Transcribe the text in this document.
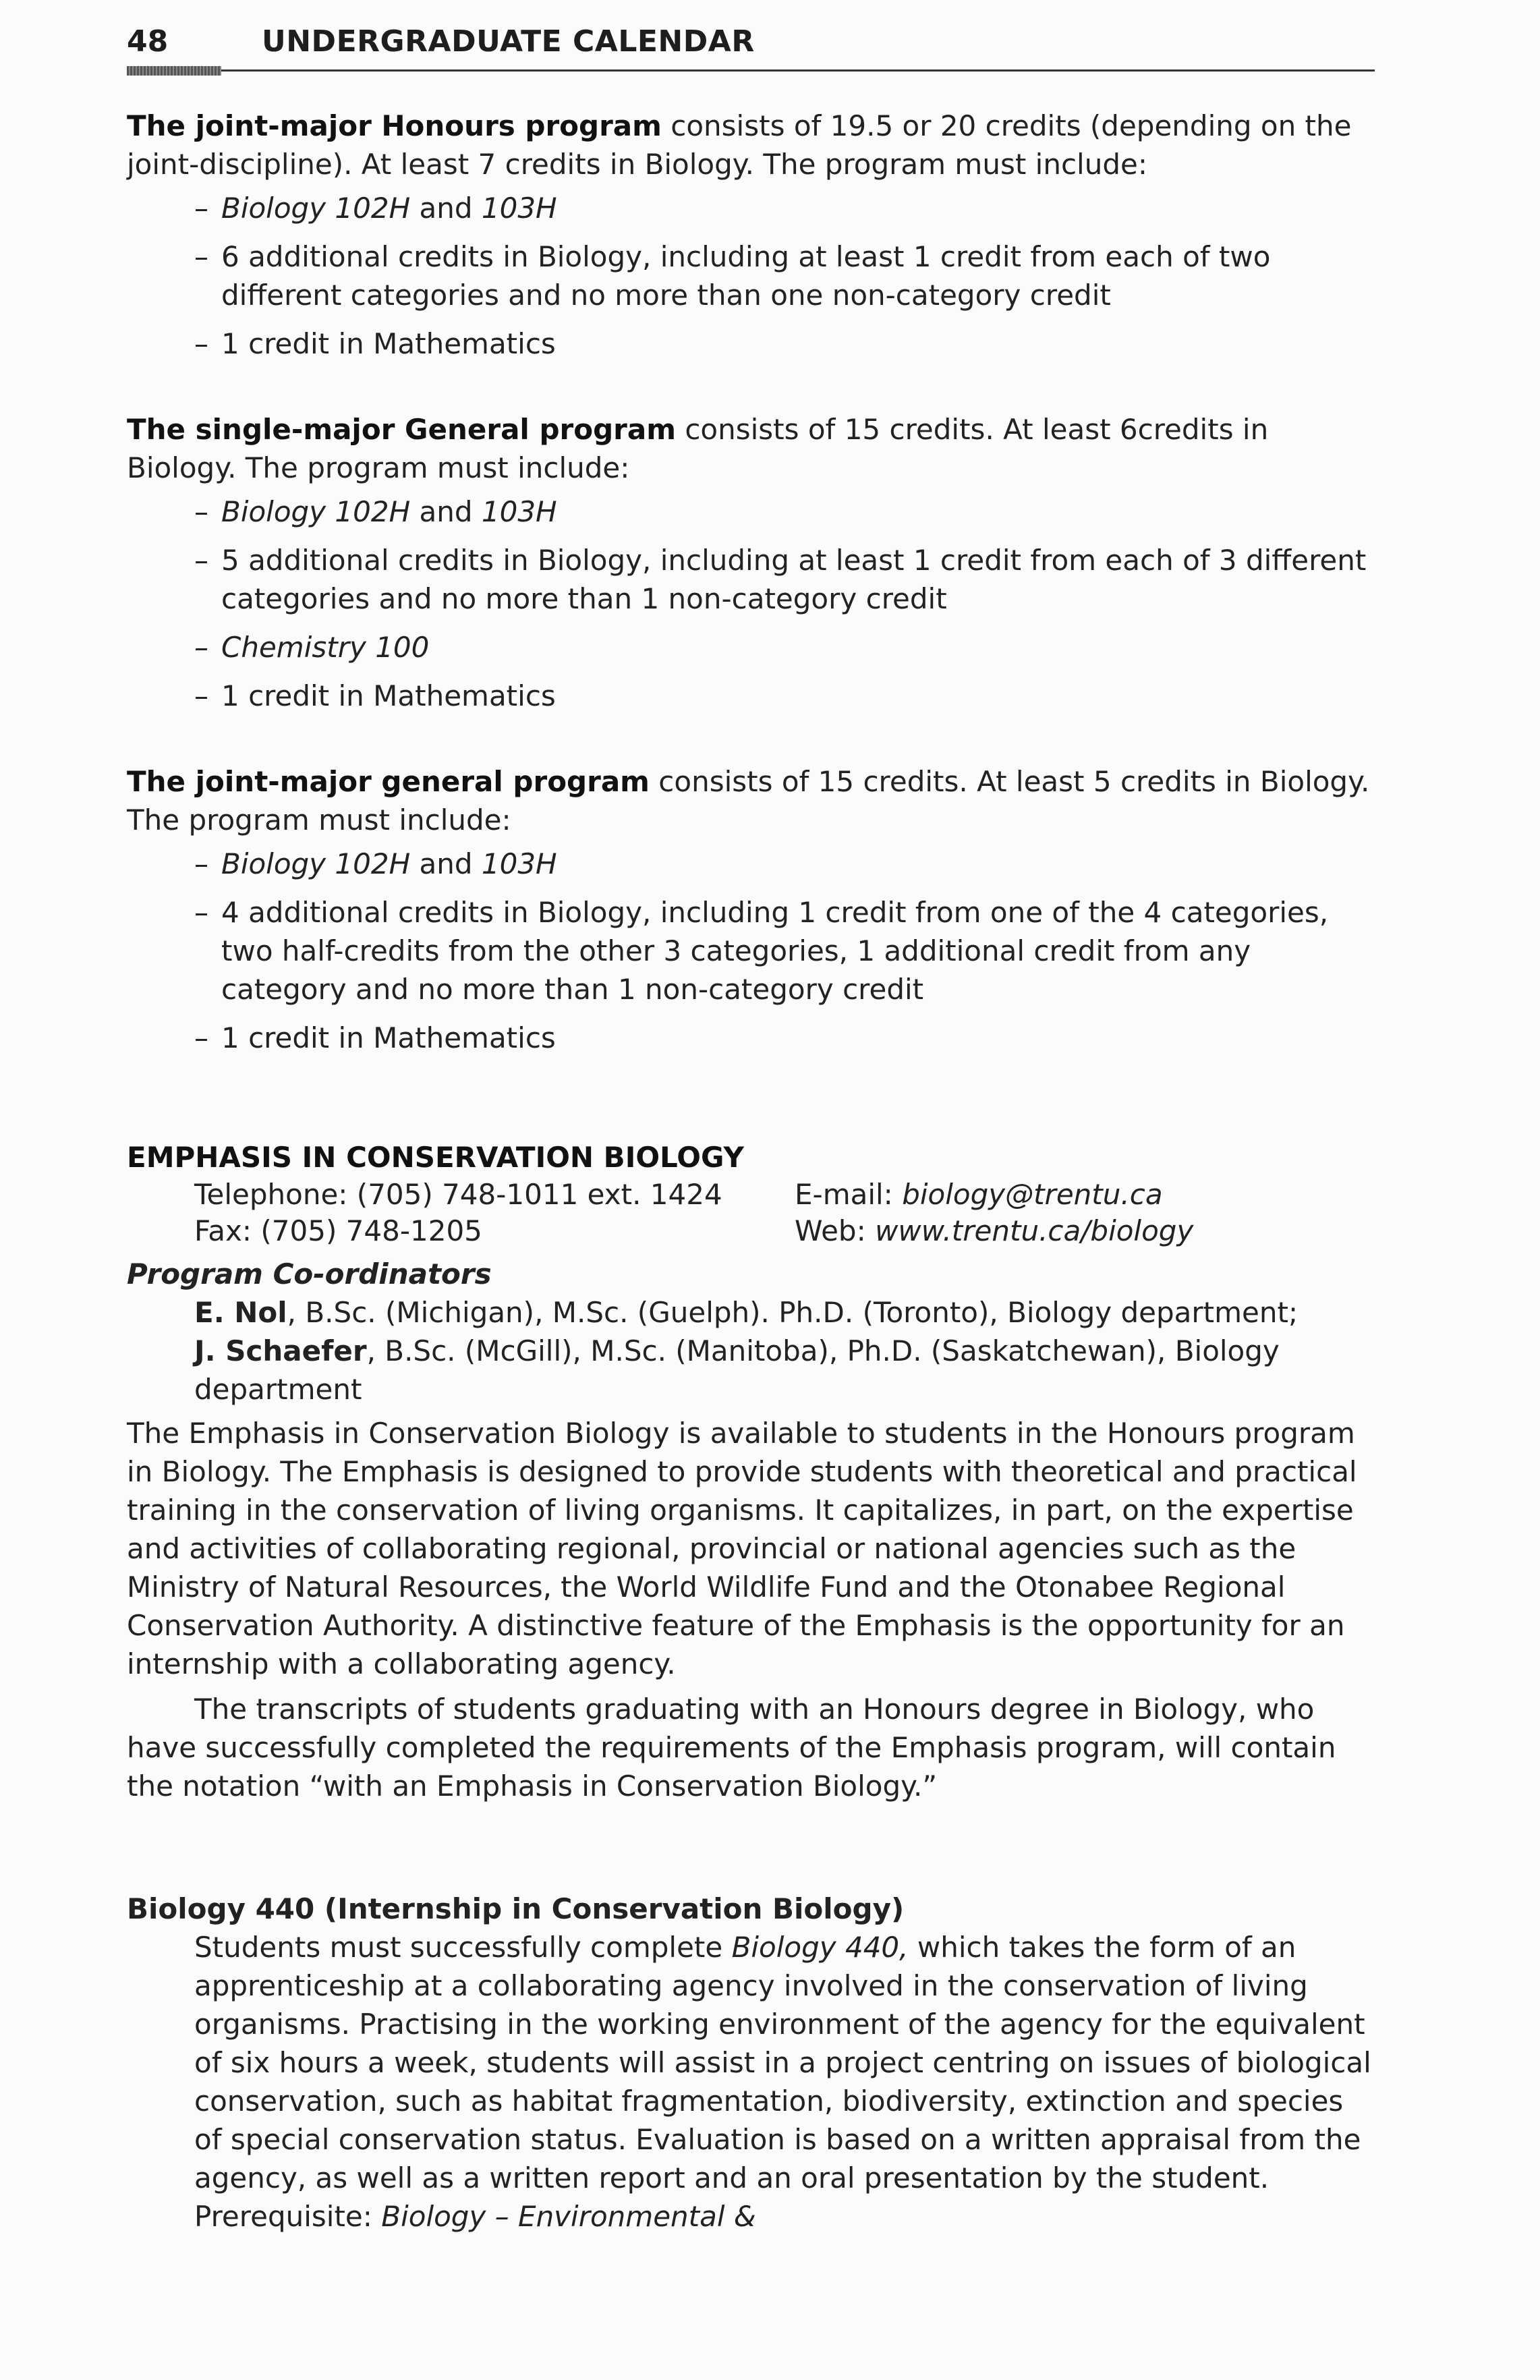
48	UNDERGRADUATE CALENDAR

The joint-major Honours program consists of 19.5 or 20 credits (depending on the joint-discipline). At least 7 credits in Biology. The program must include:

– Biology 102H and 103H
– 6 additional credits in Biology, including at least 1 credit from each of two different categories and no more than one non-category credit
– 1 credit in Mathematics

The single-major General program consists of 15 credits. At least 6credits in Biology. The program must include:

– Biology 102H and 103H
– 5 additional credits in Biology, including at least 1 credit from each of 3 different categories and no more than 1 non-category credit
– Chemistry 100
– 1 credit in Mathematics

The joint-major general program consists of 15 credits. At least 5 credits in Biology. The program must include:

– Biology 102H and 103H
– 4 additional credits in Biology, including 1 credit from one of the 4 categories, two half-credits from the other 3 categories, 1 additional credit from any category and no more than 1 non-category credit
– 1 credit in Mathematics

EMPHASIS IN CONSERVATION BIOLOGY

Telephone: (705) 748-1011 ext. 1424	E-mail: biology@trentu.ca
Fax: (705) 748-1205	Web: www.trentu.ca/biology

Program Co-ordinators

E. Nol, B.Sc. (Michigan), M.Sc. (Guelph). Ph.D. (Toronto), Biology department;

J. Schaefer, B.Sc. (McGill), M.Sc. (Manitoba), Ph.D. (Saskatchewan), Biology department

The Emphasis in Conservation Biology is available to students in the Honours program in Biology. The Emphasis is designed to provide students with theoretical and practical training in the conservation of living organisms. It capitalizes, in part, on the expertise and activities of collaborating regional, provincial or national agencies such as the Ministry of Natural Resources, the World Wildlife Fund and the Otonabee Regional Conservation Authority. A distinctive feature of the Emphasis is the opportunity for an internship with a collaborating agency.

The transcripts of students graduating with an Honours degree in Biology, who have successfully completed the requirements of the Emphasis program, will contain the notation “with an Emphasis in Conservation Biology.”

Biology 440 (Internship in Conservation Biology)

Students must successfully complete Biology 440, which takes the form of an apprenticeship at a collaborating agency involved in the conservation of living organisms. Practising in the working environment of the agency for the equivalent of six hours a week, students will assist in a project centring on issues of biological conservation, such as habitat fragmentation, biodiversity, extinction and species of special conservation status. Evaluation is based on a written appraisal from the agency, as well as a written report and an oral presentation by the student. Prerequisite: Biology – Environmental &
